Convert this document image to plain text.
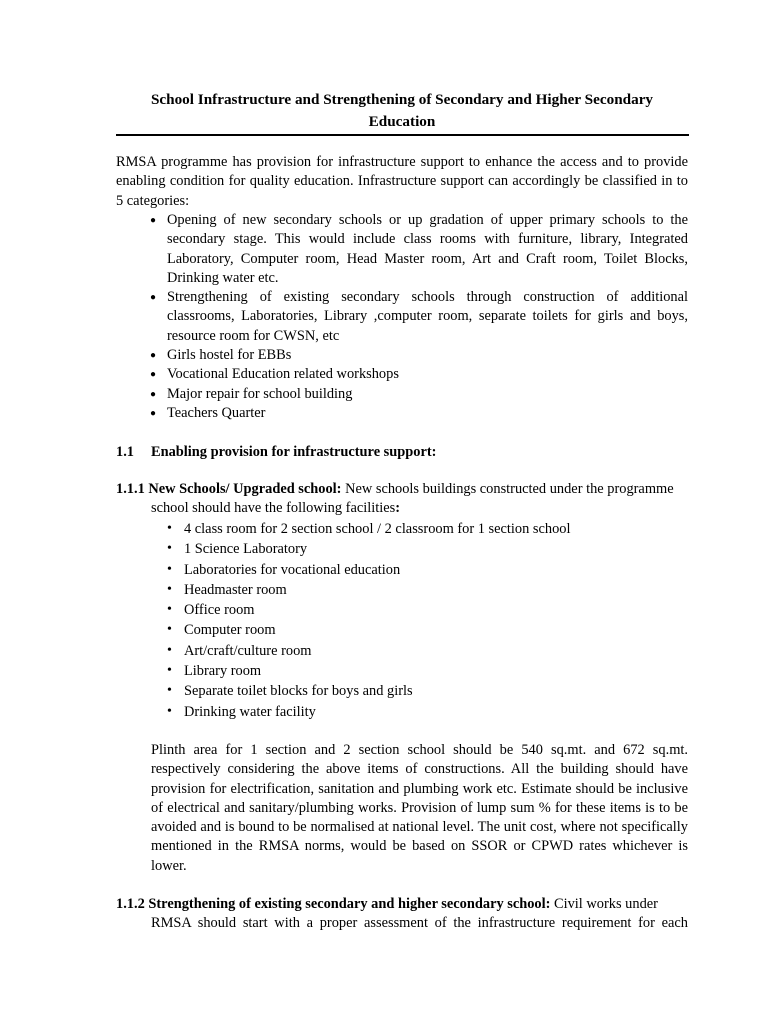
School Infrastructure and Strengthening of Secondary and Higher Secondary Education

RMSA programme has provision for infrastructure support to enhance the access and to provide enabling condition for quality education. Infrastructure support can accordingly be classified in to 5 categories:

● Opening of new secondary schools or up gradation of upper primary schools to the secondary stage. This would include class rooms with furniture, library, Integrated Laboratory, Computer room, Head Master room, Art and Craft room, Toilet Blocks, Drinking water etc.
● Strengthening of existing secondary schools through construction of additional classrooms, Laboratories, Library ,computer room, separate toilets for girls and boys, resource room for CWSN, etc
● Girls hostel for EBBs
● Vocational Education related workshops
● Major repair for school building
● Teachers Quarter

1.1 Enabling provision for infrastructure support:

1.1.1 New Schools/ Upgraded school: New schools buildings constructed under the programme
school should have the following facilities:

• 4 class room for 2 section school / 2 classroom for 1 section school
• 1 Science Laboratory
• Laboratories for vocational education
• Headmaster room
• Office room
• Computer room
• Art/craft/culture room
• Library room
• Separate toilet blocks for boys and girls
• Drinking water facility

Plinth area for 1 section and 2 section school should be 540 sq.mt. and 672 sq.mt. respectively considering the above items of constructions. All the building should have provision for electrification, sanitation and plumbing work etc. Estimate should be inclusive of electrical and sanitary/plumbing works. Provision of lump sum % for these items is to be avoided and is bound to be normalised at national level. The unit cost, where not specifically mentioned in the RMSA norms, would be based on SSOR or CPWD rates whichever is lower.

1.1.2 Strengthening of existing secondary and higher secondary school: Civil works under
RMSA should start with a proper assessment of the infrastructure requirement for each
